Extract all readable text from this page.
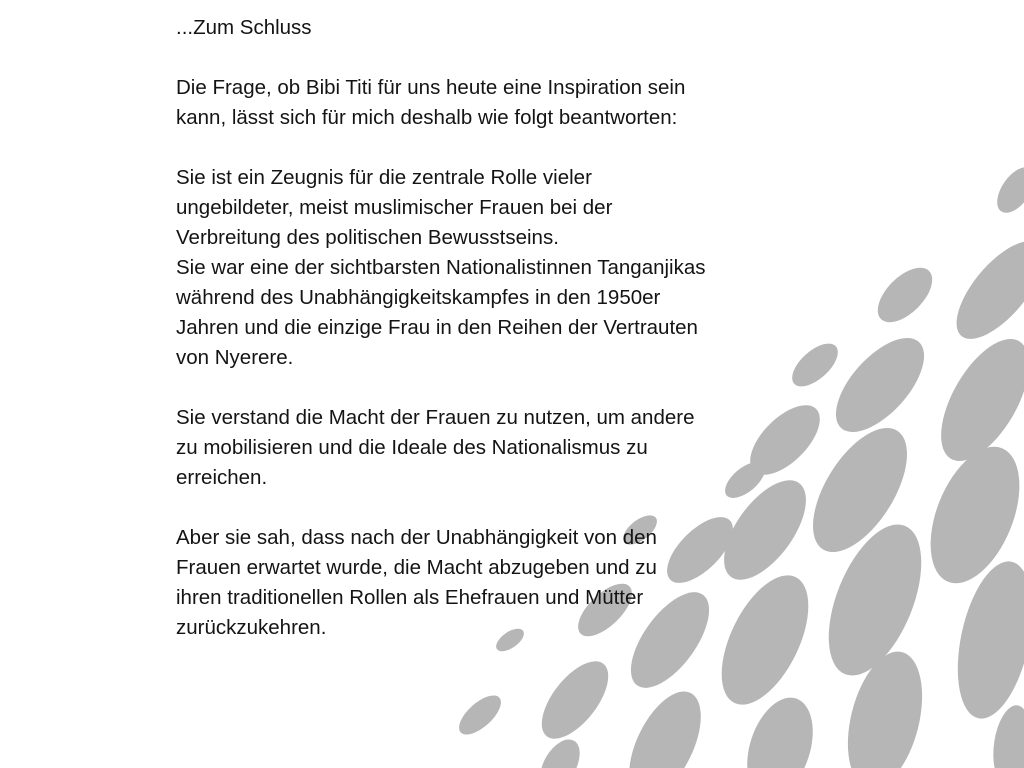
...Zum Schluss

Die Frage, ob Bibi Titi für uns heute eine Inspiration sein
kann, lässt sich für mich deshalb wie folgt beantworten:

Sie ist ein Zeugnis für die zentrale Rolle vieler
ungebildeter, meist muslimischer Frauen bei der
Verbreitung des politischen Bewusstseins.
Sie war eine der sichtbarsten Nationalistinnen Tanganjikas
während des Unabhängigkeitskampfes in den 1950er
Jahren und die einzige Frau in den Reihen der Vertrauten
von Nyerere.

Sie verstand die Macht der Frauen zu nutzen, um andere
zu mobilisieren und die Ideale des Nationalismus zu
erreichen.

Aber sie sah, dass nach der Unabhängigkeit von den
Frauen erwartet wurde, die Macht abzugeben und zu
ihren traditionellen Rollen als Ehefrauen und Mütter
zurückzukehren.
